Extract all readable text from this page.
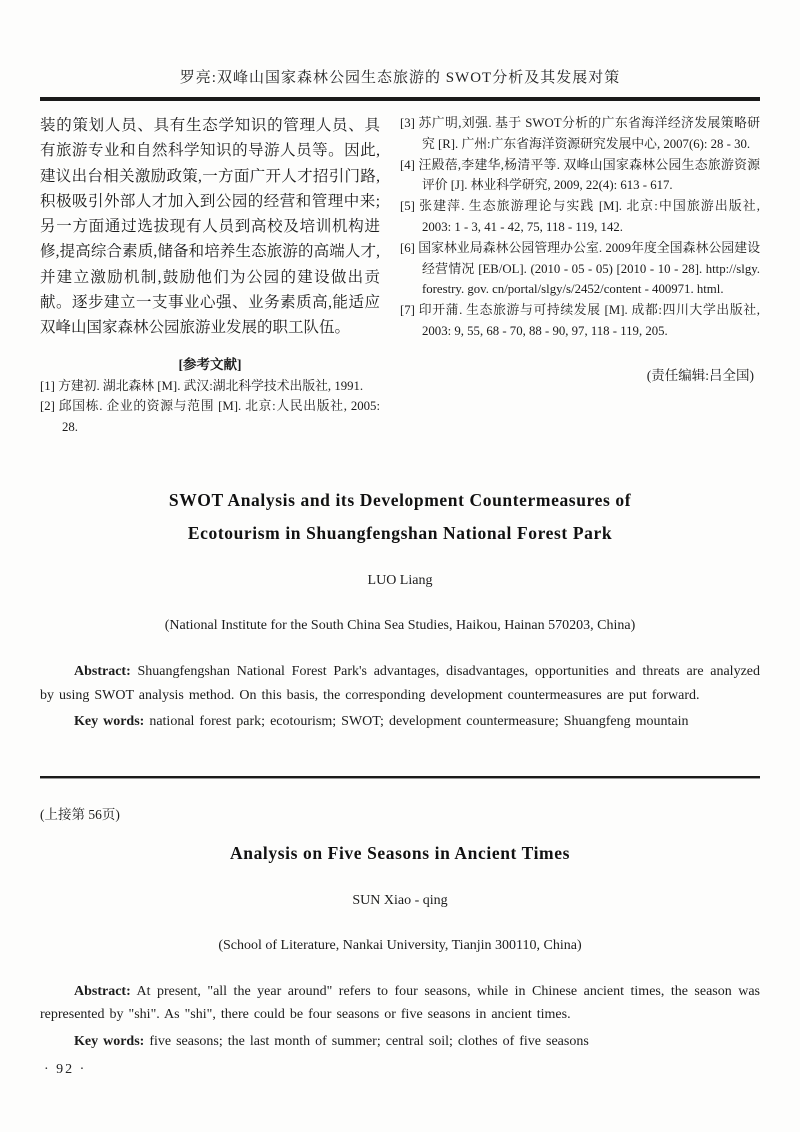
罗亮:双峰山国家森林公园生态旅游的 SWOT分析及其发展对策

装的策划人员、具有生态学知识的管理人员、具有旅游专业和自然科学知识的导游人员等。因此,建议出台相关激励政策,一方面广开人才招引门路,积极吸引外部人才加入到公园的经营和管理中来;另一方面通过选拔现有人员到高校及培训机构进修,提高综合素质,储备和培养生态旅游的高端人才,并建立激励机制,鼓励他们为公园的建设做出贡献。逐步建立一支事业心强、业务素质高,能适应双峰山国家森林公园旅游业发展的职工队伍。

[参考文献]
[1] 方建初. 湖北森林 [M]. 武汉:湖北科学技术出版社, 1991.
[2] 邱国栋. 企业的资源与范围 [M]. 北京:人民出版社, 2005: 28.
[3] 苏广明,刘强. 基于 SWOT分析的广东省海洋经济发展策略研究 [R]. 广州:广东省海洋资源研究发展中心, 2007(6): 28 - 30.
[4] 汪殿蓓,李建华,杨清平等. 双峰山国家森林公园生态旅游资源评价 [J]. 林业科学研究, 2009, 22(4): 613 - 617.
[5] 张建萍. 生态旅游理论与实践 [M]. 北京:中国旅游出版社, 2003: 1 - 3, 41 - 42, 75, 118 - 119, 142.
[6] 国家林业局森林公园管理办公室. 2009年度全国森林公园建设经营情况 [EB/OL]. (2010 - 05 - 05) [2010 - 10 - 28]. http://slgy. forestry. gov. cn/portal/slgy/s/2452/content - 400971. html.
[7] 印开蒲. 生态旅游与可持续发展 [M]. 成都:四川大学出版社, 2003: 9, 55, 68 - 70, 88 - 90, 97, 118 - 119, 205.
(责任编辑:吕全国)
SWOT Analysis and its Development Countermeasures of
Ecotourism in Shuangfengshan National Forest Park
LUO Liang
(National Institute for the South China Sea Studies, Haikou, Hainan 570203, China)

Abstract: Shuangfengshan National Forest Park's advantages, disadvantages, opportunities and threats are analyzed by using SWOT analysis method. On this basis, the corresponding development countermeasures are put forward.

Key words: national forest park; ecotourism; SWOT; development countermeasure; Shuangfeng mountain

(上接第 56页)
Analysis on Five Seasons in Ancient Times
SUN Xiao - qing
(School of Literature, Nankai University, Tianjin 300110, China)

Abstract: At present, "all the year around" refers to four seasons, while in Chinese ancient times, the season was represented by "shi". As "shi", there could be four seasons or five seasons in ancient times.

Key words: five seasons; the last month of summer; central soil; clothes of five seasons

· 92 ·
